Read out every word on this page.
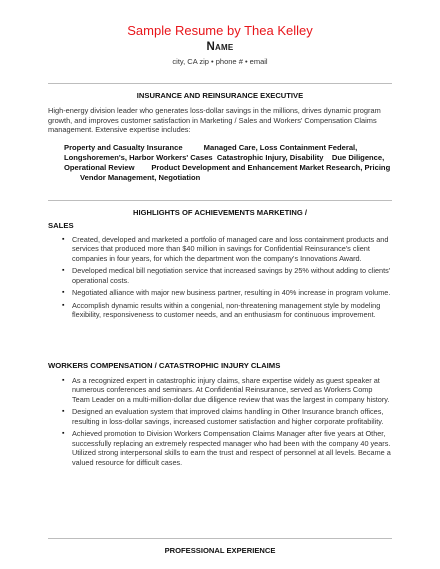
Sample Resume by Thea Kelley
Name
city, CA zip • phone # • email
INSURANCE AND REINSURANCE EXECUTIVE
High-energy division leader who generates loss-dollar savings in the millions, drives dynamic program growth, and improves customer satisfaction in Marketing / Sales and Workers' Compensation Claims management. Extensive expertise includes:
Property and Casualty Insurance          Managed Care, Loss Containment Federal,
Longshoremen's, Harbor Workers' Cases  Catastrophic Injury, Disability    Due Diligence,
Operational Review        Product Development and Enhancement Market Research, Pricing
Vendor Management, Negotiation
HIGHLIGHTS OF ACHIEVEMENTS MARKETING /
SALES
▪ Created, developed and marketed a portfolio of managed care and loss containment products and services that produced more than $40 million in savings for Confidential Reinsurance's client companies in four years, for which the department won the company's Innovations Award.
▪ Developed medical bill negotiation service that increased savings by 25% without adding to clients' operational costs.
▪ Negotiated alliance with major new business partner, resulting in 40% increase in program volume.
▪ Accomplish dynamic results within a congenial, non-threatening management style by modeling flexibility, responsiveness to customer needs, and an enthusiasm for continuous improvement.
WORKERS COMPENSATION / CATASTROPHIC INJURY CLAIMS
▪ As a recognized expert in catastrophic injury claims, share expertise widely as guest speaker at numerous conferences and seminars. At Confidential Reinsurance, served as Workers Comp Team Leader on a multi-million-dollar due diligence review that was the largest in company history.
▪ Designed an evaluation system that improved claims handling in Other Insurance branch offices, resulting in loss-dollar savings, increased customer satisfaction and higher corporate profitability.
▪ Achieved promotion to Division Workers Compensation Claims Manager after five years at Other, successfully replacing an extremely respected manager who had been with the company 40 years. Utilized strong interpersonal skills to earn the trust and respect of personnel at all levels. Became a valued resource for difficult cases.
PROFESSIONAL EXPERIENCE
